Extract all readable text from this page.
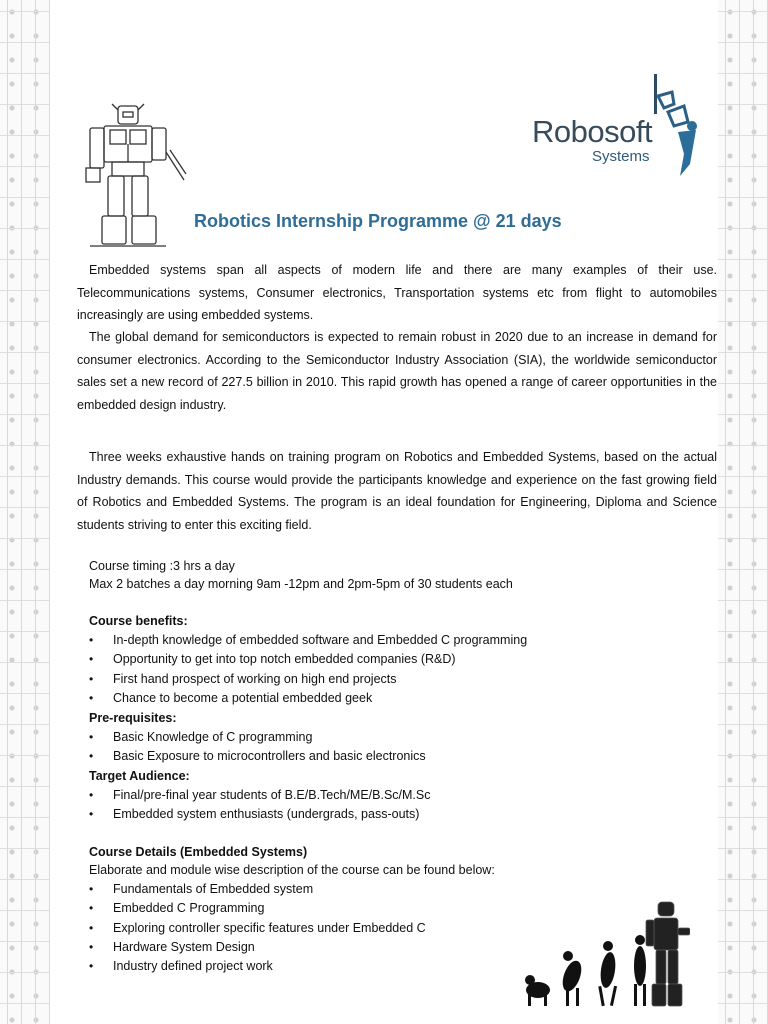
Robosoft
Systems
Robotics Internship Programme @ 21 days
Embedded systems span all aspects of modern life and there are many examples of their use. Telecommunications systems, Consumer electronics, Transportation systems etc from flight to automobiles increasingly are using embedded systems.
The global demand for semiconductors is expected to remain robust in 2020 due to an increase in demand for consumer electronics. According to the Semiconductor Industry Association (SIA), the worldwide semiconductor sales set a new record of 227.5 billion in 2010. This rapid growth has opened a range of career opportunities in the embedded design industry.
Three weeks exhaustive hands on training program on Robotics and Embedded Systems, based on the actual Industry demands. This course would provide the participants knowledge and experience on the fast growing field of Robotics and Embedded Systems. The program is an ideal foundation for Engineering, Diploma and Science students striving to enter this exciting field.
Course timing :3 hrs a day
Max 2 batches a day morning 9am -12pm and 2pm-5pm of 30 students each
Course benefits:
• In-depth knowledge of embedded software and Embedded C programming
• Opportunity to get into top notch embedded companies (R&D)
• First hand prospect of working on high end projects
• Chance to become a potential embedded geek
Pre-requisites:
• Basic Knowledge of C programming
• Basic Exposure to microcontrollers and basic electronics
Target Audience:
• Final/pre-final year students of B.E/B.Tech/ME/B.Sc/M.Sc
• Embedded system enthusiasts (undergrads, pass-outs)
Course Details (Embedded Systems)
Elaborate and module wise description of the course can be found below:
• Fundamentals of Embedded system
• Embedded C Programming
• Exploring controller specific features under Embedded C
• Hardware System Design
• Industry defined project work
